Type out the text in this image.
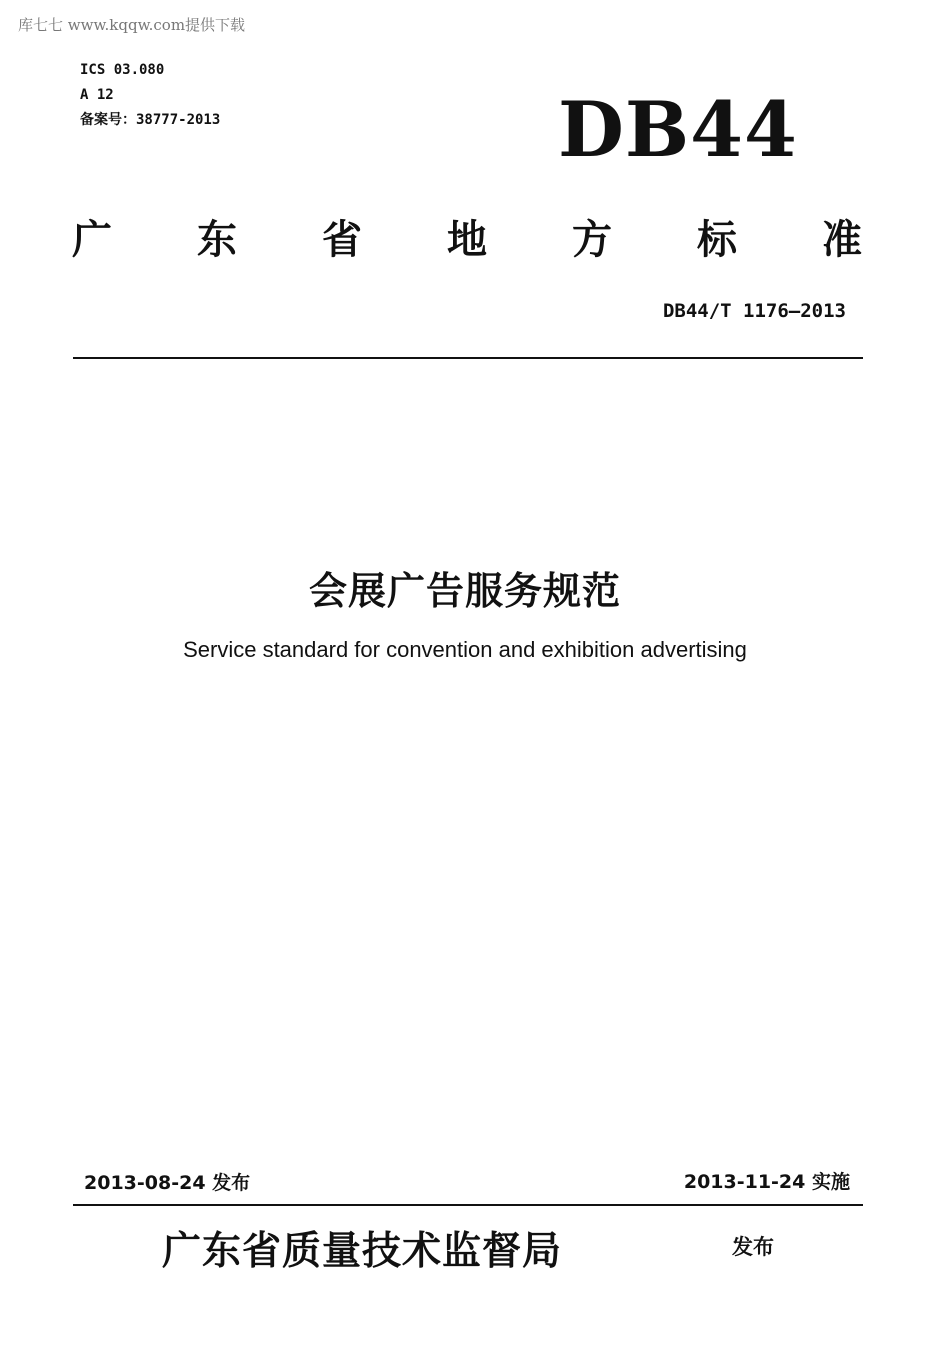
库七七 www.kqqw.com提供下载
ICS 03.080
A 12
备案号：38777-2013	DB44
广 东 省 地 方 标 准
DB44/T 1176—2013
会展广告服务规范
Service standard for convention and exhibition advertising
2013-08-24 发布	2013-11-24 实施
广东省质量技术监督局	发布
